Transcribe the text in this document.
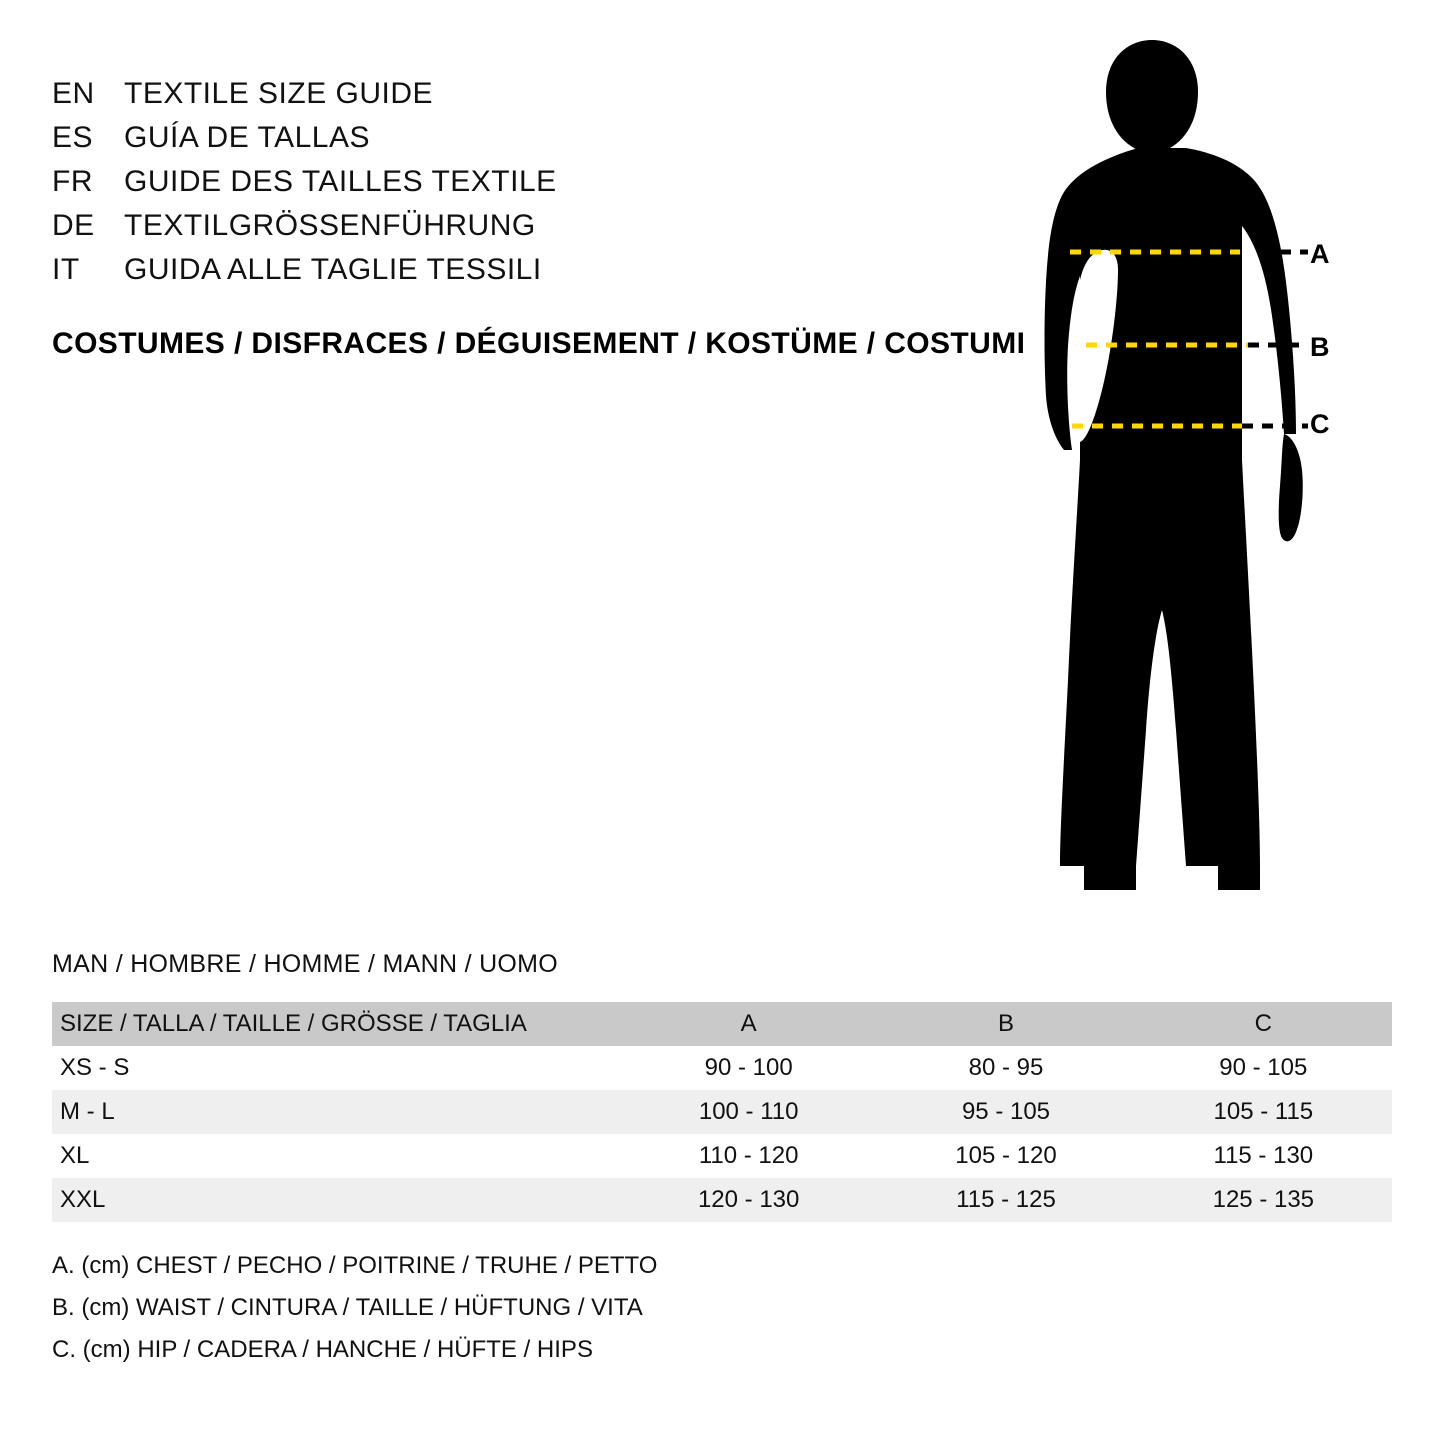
EN TEXTILE SIZE GUIDE
ES	GUÍA DE TALLAS
FR	GUIDE DES TAILLES TEXTILE
DE TEXTILGRÖSSENFÜHRUNG
IT	GUIDA ALLE TAGLIE TESSILI
COSTUMES / DISFRACES / DÉGUISEMENT / KOSTÜME / COSTUMI
A
B
C
MAN / HOMBRE / HOMME / MANN / UOMO
SIZE / TALLA / TAILLE / GRÖSSE / TAGLIA	A	B	C
XS - S	90 - 100	80 - 95	90 - 105
M - L	100 - 110	95 - 105	105 - 115
XL	110 - 120	105 - 120	115 - 130
XXL	120 - 130	115 - 125	125 - 135
A. (cm) CHEST / PECHO / POITRINE / TRUHE / PETTO
B. (cm) WAIST / CINTURA / TAILLE / HÜFTUNG / VITA
C. (cm) HIP / CADERA / HANCHE / HÜFTE / HIPS
